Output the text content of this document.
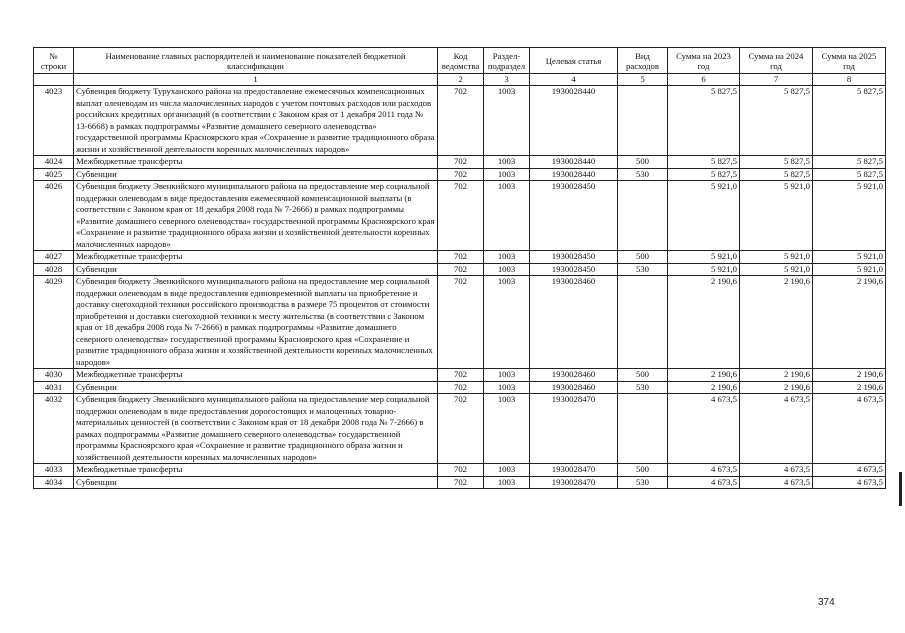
№ строки	Наименование главных распорядителей и наименование показателей бюджетной классификации	Код ведомства	Раздел-подраздел	Целевая статья	Вид расходов	Сумма на 2023 год	Сумма на 2024 год	Сумма на 2025 год
	1	2	3	4	5	6	7	8
4023	Субвенция бюджету Туруханского района на предоставление ежемесячных компенсационных выплат оленеводам из числа малочисленных народов с учетом почтовых расходов или расходов российских кредитных организаций (в соответствии с Законом края от 1 декабря 2011 года № 13-6668) в рамках подпрограммы «Развитие домашнего северного оленеводства» государственной программы Красноярского края «Сохранение и развитие традиционного образа жизни и хозяйственной деятельности коренных малочисленных народов»	702	1003	1930028440		5 827,5	5 827,5	5 827,5
4024	Межбюджетные трансферты	702	1003	1930028440	500	5 827,5	5 827,5	5 827,5
4025	Субвенции	702	1003	1930028440	530	5 827,5	5 827,5	5 827,5
4026	Субвенция бюджету Эвенкийского муниципального района на предоставление мер социальной поддержки оленеводам в виде предоставления ежемесячной компенсационной выплаты (в соответствии с Законом края от 18 декабря 2008 года № 7-2666) в рамках подпрограммы «Развитие домашнего северного оленеводства» государственной программы Красноярского края «Сохранение и развитие традиционного образа жизни и хозяйственной деятельности коренных малочисленных народов»	702	1003	1930028450		5 921,0	5 921,0	5 921,0
4027	Межбюджетные трансферты	702	1003	1930028450	500	5 921,0	5 921,0	5 921,0
4028	Субвенции	702	1003	1930028450	530	5 921,0	5 921,0	5 921,0
4029	Субвенция бюджету Эвенкийского муниципального района на предоставление мер социальной поддержки оленеводам в виде предоставления единовременной выплаты на приобретение и доставку снегоходной техники российского производства в размере 75 процентов от стоимости приобретения и доставки снегоходной техники к месту жительства (в соответствии с Законом края от 18 декабря 2008 года № 7-2666) в рамках подпрограммы «Развитие домашнего северного оленеводства» государственной программы Красноярского края «Сохранение и развитие традиционного образа жизни и хозяйственной деятельности коренных малочисленных народов»	702	1003	1930028460		2 190,6	2 190,6	2 190,6
4030	Межбюджетные трансферты	702	1003	1930028460	500	2 190,6	2 190,6	2 190,6
4031	Субвенции	702	1003	1930028460	530	2 190,6	2 190,6	2 190,6
4032	Субвенция бюджету Эвенкийского муниципального района на предоставление мер социальной поддержки оленеводам в виде предоставления дорогостоящих и малоценных товарно-материальных ценностей (в соответствии с Законом края от 18 декабря 2008 года № 7-2666) в рамках подпрограммы «Развитие домашнего северного оленеводства» государственной программы Красноярского края «Сохранение и развитие традиционного образа жизни и хозяйственной деятельности коренных малочисленных народов»	702	1003	1930028470		4 673,5	4 673,5	4 673,5
4033	Межбюджетные трансферты	702	1003	1930028470	500	4 673,5	4 673,5	4 673,5
4034	Субвенции	702	1003	1930028470	530	4 673,5	4 673,5	4 673,5
374
